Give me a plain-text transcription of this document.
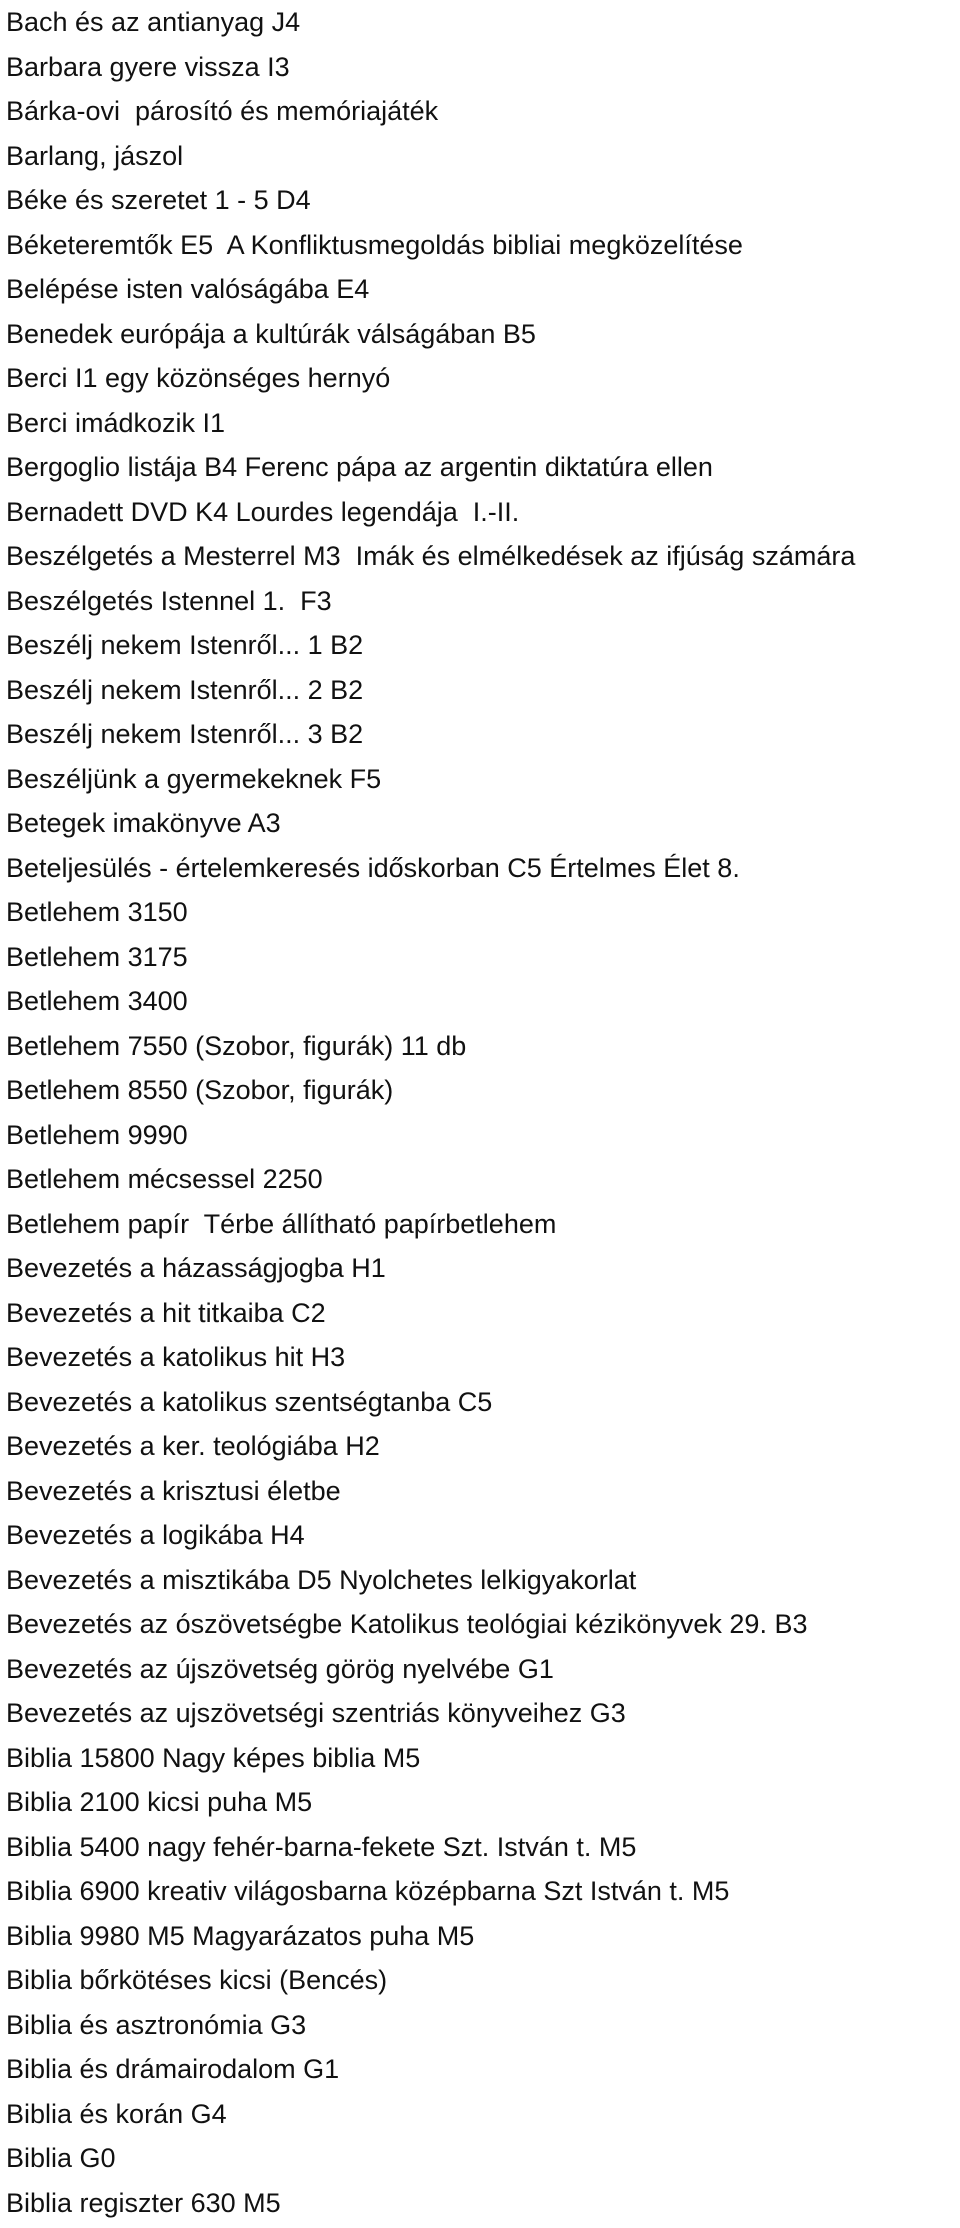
Bach és az antianyag J4
Barbara gyere vissza I3
Bárka-ovi  párosító és memóriajáték
Barlang, jászol
Béke és szeretet 1 - 5 D4
Béketeremtők E5  A Konfliktusmegoldás bibliai megközelítése
Belépése isten valóságába E4
Benedek európája a kultúrák válságában B5
Berci I1 egy közönséges hernyó
Berci imádkozik I1
Bergoglio listája B4 Ferenc pápa az argentin diktatúra ellen
Bernadett DVD K4 Lourdes legendája  I.-II.
Beszélgetés a Mesterrel M3  Imák és elmélkedések az ifjúság számára
Beszélgetés Istennel 1.  F3
Beszélj nekem Istenről... 1 B2
Beszélj nekem Istenről... 2 B2
Beszélj nekem Istenről... 3 B2
Beszéljünk a gyermekeknek F5
Betegek imakönyve A3
Beteljesülés - értelemkeresés időskorban C5 Értelmes Élet 8.
Betlehem 3150
Betlehem 3175
Betlehem 3400
Betlehem 7550 (Szobor, figurák) 11 db
Betlehem 8550 (Szobor, figurák)
Betlehem 9990
Betlehem mécsessel 2250
Betlehem papír  Térbe állítható papírbetlehem
Bevezetés a házasságjogba H1
Bevezetés a hit titkaiba C2
Bevezetés a katolikus hit H3
Bevezetés a katolikus szentségtanba C5
Bevezetés a ker. teológiába H2
Bevezetés a krisztusi életbe
Bevezetés a logikába H4
Bevezetés a misztikába D5 Nyolchetes lelkigyakorlat
Bevezetés az ószövetségbe Katolikus teológiai kézikönyvek 29. B3
Bevezetés az újszövetség görög nyelvébe G1
Bevezetés az ujszövetségi szentriás könyveihez G3
Biblia 15800 Nagy képes biblia M5
Biblia 2100 kicsi puha M5
Biblia 5400 nagy fehér-barna-fekete Szt. István t. M5
Biblia 6900 kreativ világosbarna középbarna Szt István t. M5
Biblia 9980 M5 Magyarázatos puha M5
Biblia bőrkötéses kicsi (Bencés)
Biblia és asztronómia G3
Biblia és drámairodalom G1
Biblia és korán G4
Biblia G0
Biblia regiszter 630 M5
